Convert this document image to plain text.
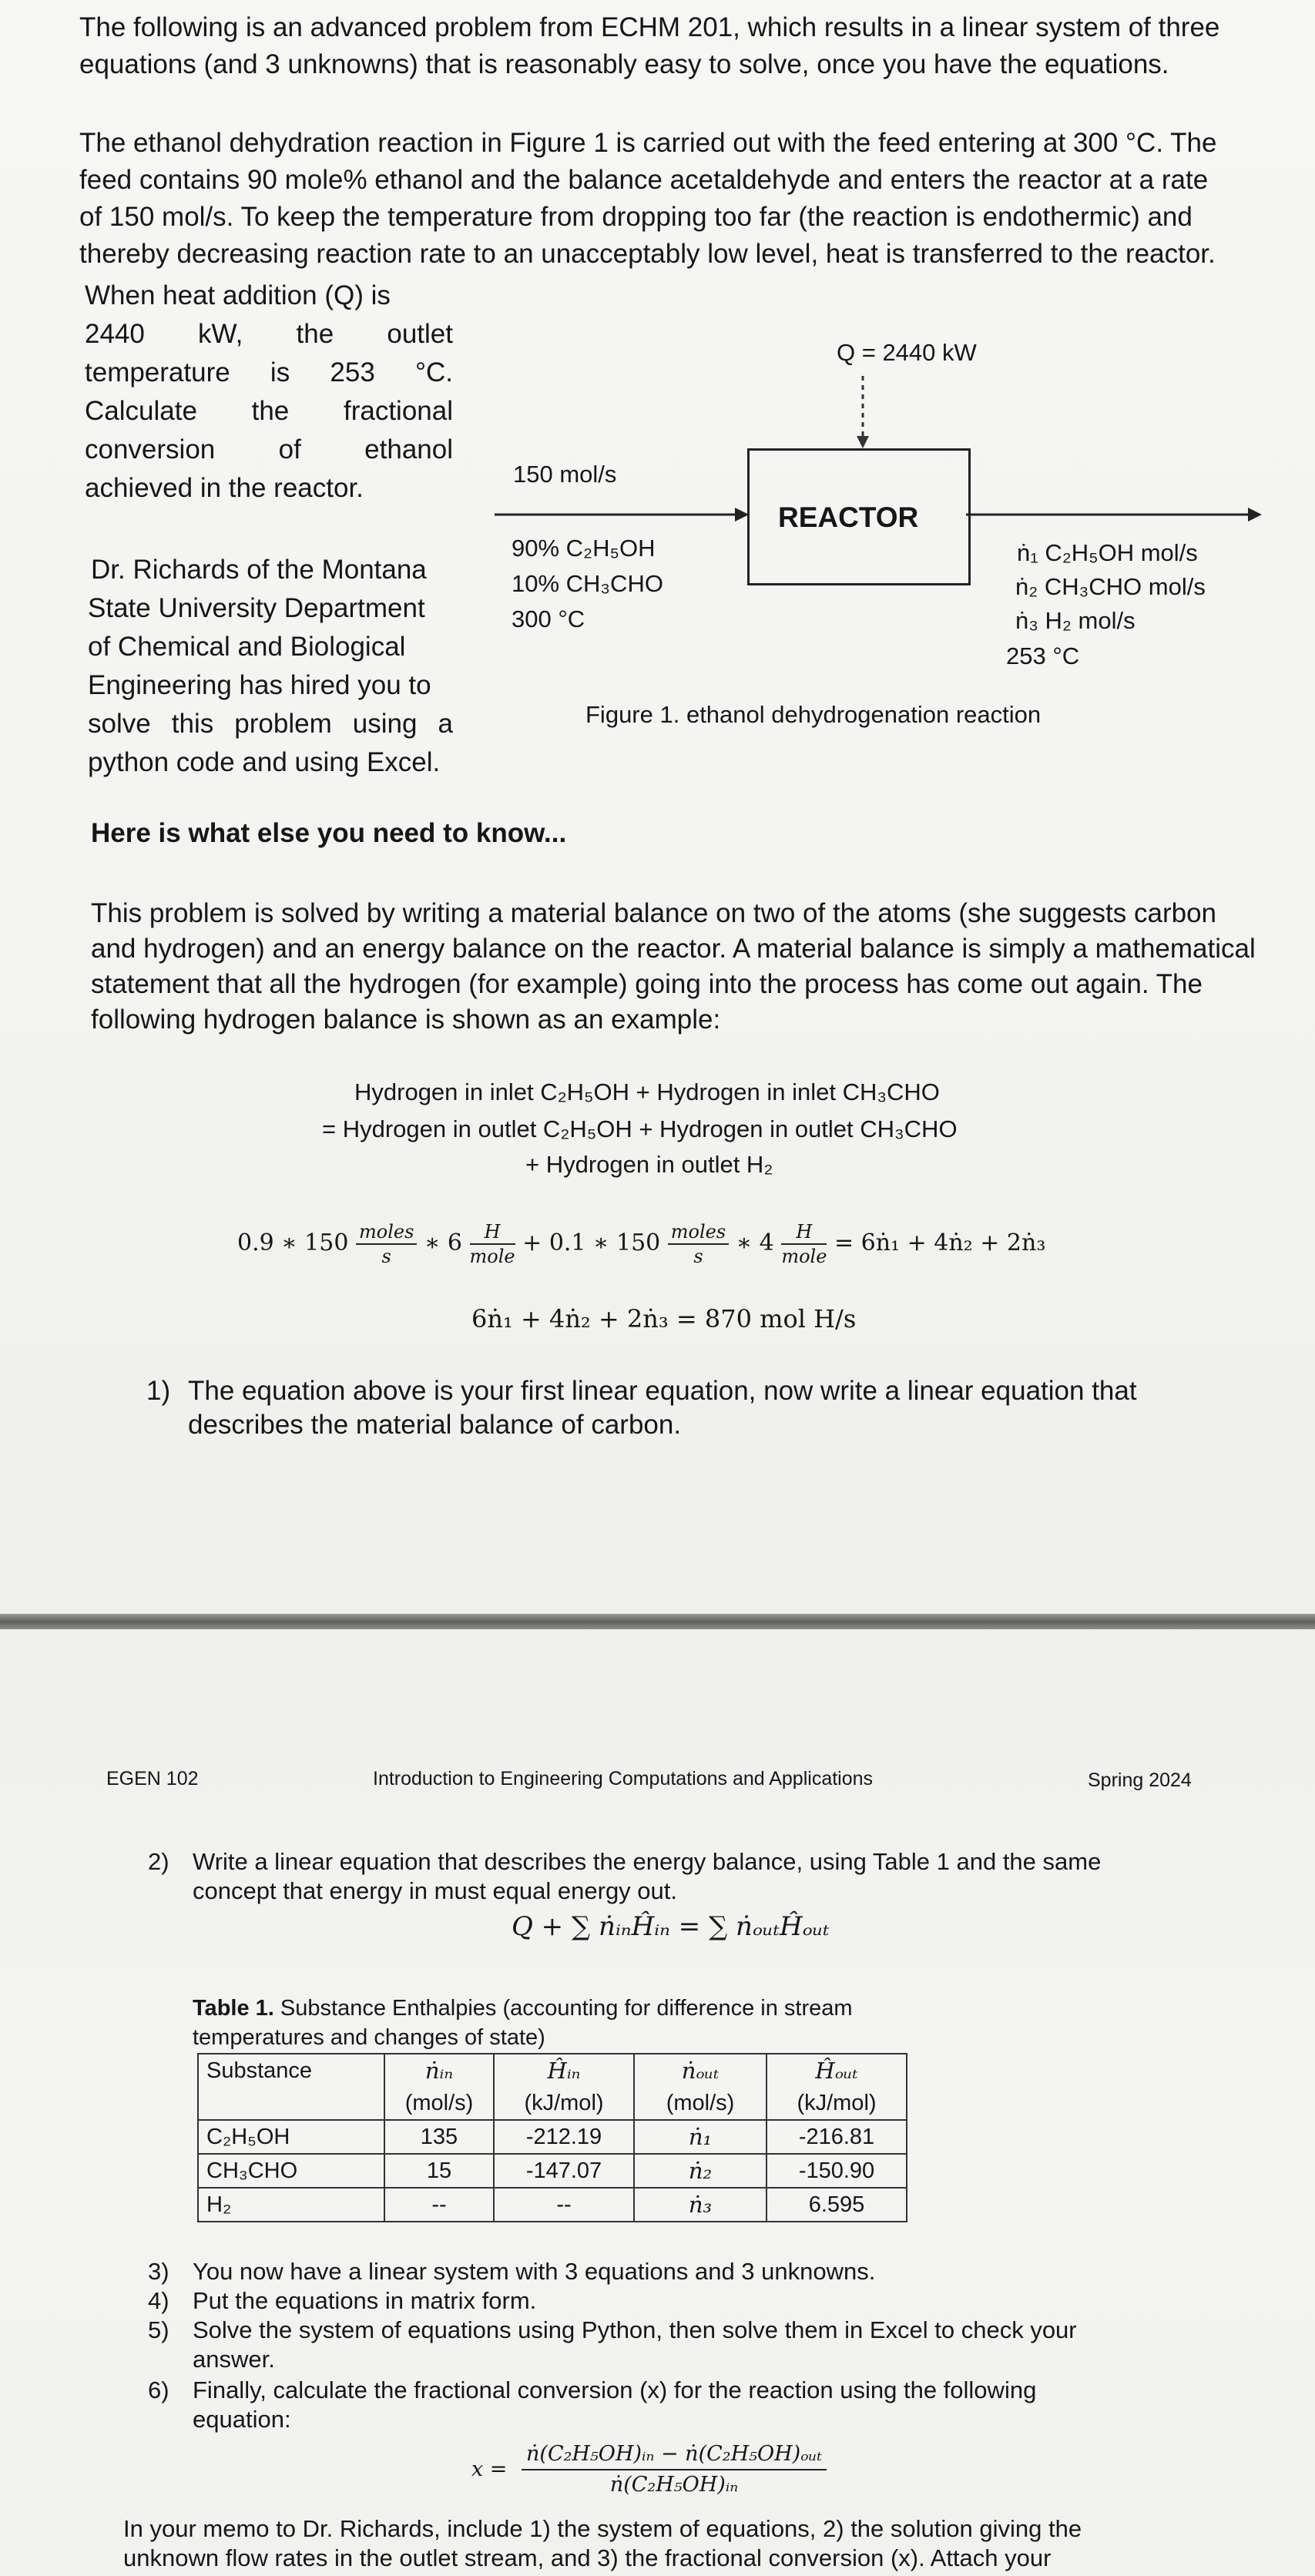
The following is an advanced problem from ECHM 201, which results in a linear system of three
equations (and 3 unknowns) that is reasonably easy to solve, once you have the equations.
The ethanol dehydration reaction in Figure 1 is carried out with the feed entering at 300 °C. The
feed contains 90 mole% ethanol and the balance acetaldehyde and enters the reactor at a rate
of 150 mol/s. To keep the temperature from dropping too far (the reaction is endothermic) and
thereby decreasing reaction rate to an unacceptably low level, heat is transferred to the reactor.
When heat addition (Q) is
2440 kW, the outlet
temperature is 253 °C.
Calculate the fractional
conversion of ethanol
achieved in the reactor.
Dr. Richards of the Montana
State University Department
of Chemical and Biological
Engineering has hired you to
solve this problem using a
python code and using Excel.
Q = 2440 kW
REACTOR
150 mol/s
90% C₂H₅OH
10% CH₃CHO
300 °C
ṅ₁ C₂H₅OH mol/s
ṅ₂ CH₃CHO mol/s
ṅ₃ H₂ mol/s
253 °C
Figure 1. ethanol dehydrogenation reaction
Here is what else you need to know...
This problem is solved by writing a material balance on two of the atoms (she suggests carbon
and hydrogen) and an energy balance on the reactor. A material balance is simply a mathematical
statement that all the hydrogen (for example) going into the process has come out again. The
following hydrogen balance is shown as an example:
Hydrogen in inlet C₂H₅OH + Hydrogen in inlet CH₃CHO
= Hydrogen in outlet C₂H₅OH + Hydrogen in outlet CH₃CHO
+ Hydrogen in outlet H₂
0.9 ∗ $150 \frac{\text{moles}}{s}$ ∗ $6 \frac{H}{\text{mole}} + 0.1$ ∗ $150 \frac{\text{moles}}{s}$ ∗ $4 \frac{H}{\text{mole}}$ = 6ṅ₁ + 4ṅ₂ + 2ṅ₃
6ṅ₁ + 4ṅ₂ + 2ṅ₃ = 870 mol H/s
1) The equation above is your first linear equation, now write a linear equation that
describes the material balance of carbon.
EGEN 102	Introduction to Engineering Computations and Applications	Spring 2024
2) Write a linear equation that describes the energy balance, using Table 1 and the same
concept that energy in must equal energy out.
Q + ∑ ṅᵢₙĤᵢₙ = ∑ ṅₒᵤₜĤₒᵤₜ
Table 1. Substance Enthalpies (accounting for difference in stream
temperatures and changes of state)
Substance	ṅᵢₙ	Ĥᵢₙ	ṅₒᵤₜ	Ĥₒᵤₜ
	(mol/s)	(kJ/mol)	(mol/s)	(kJ/mol)
C₂H₅OH	135	-212.19	ṅ₁	-216.81
CH₃CHO	15	-147.07	ṅ₂	-150.90
H₂	--	--	ṅ₃	6.595
3) You now have a linear system with 3 equations and 3 unknowns.
4) Put the equations in matrix form.
5) Solve the system of equations using Python, then solve them in Excel to check your
answer.
6) Finally, calculate the fractional conversion (x) for the reaction using the following
equation:
$x = \frac{\text{ṅ(C₂H₅OH)ᵢₙ − ṅ(C₂H₅OH)ₒᵤₜ}}{\text{ṅ(C₂H₅OH)ᵢₙ}}$
In your memo to Dr. Richards, include 1) the system of equations, 2) the solution giving the
unknown flow rates in the outlet stream, and 3) the fractional conversion (x). Attach your
